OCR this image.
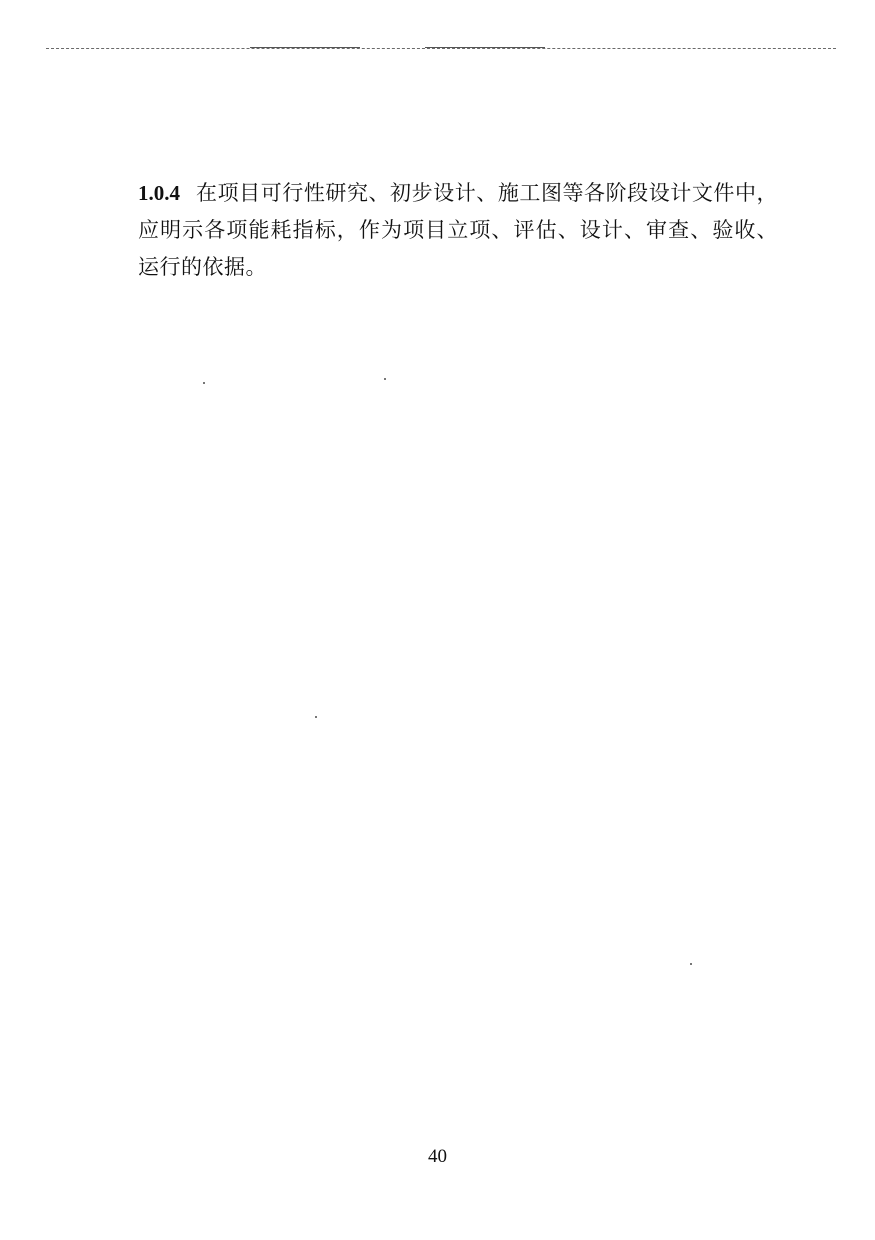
1.0.4 在项目可行性研究、初步设计、施工图等各阶段设计文件中，应明示各项能耗指标，作为项目立项、评估、设计、审查、验收、运行的依据。
40
